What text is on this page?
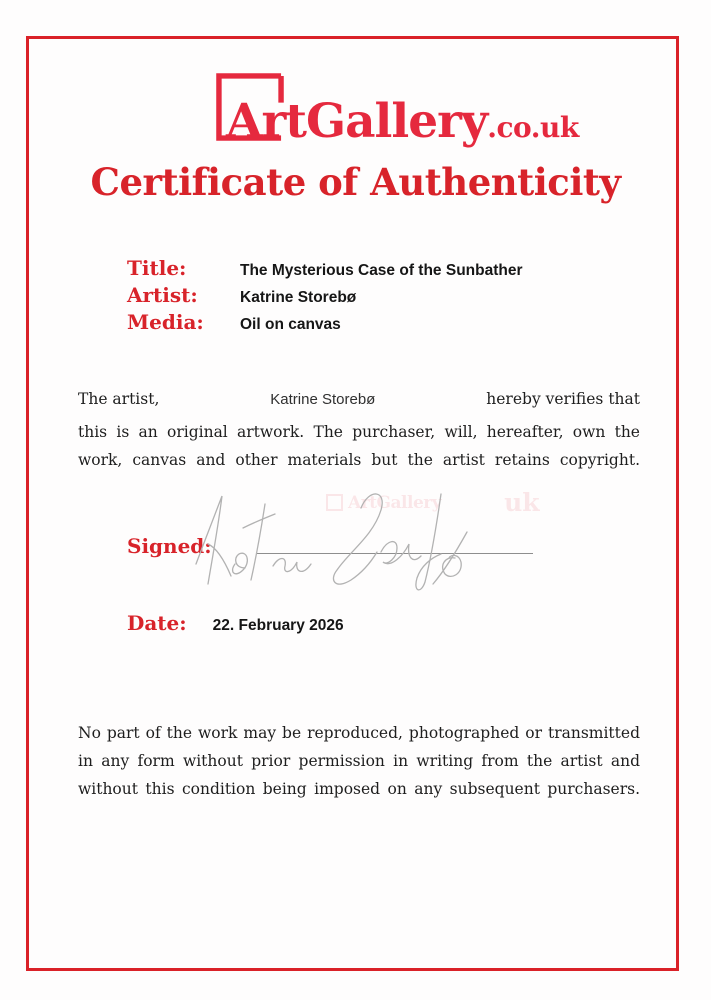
Art Gallery .co.uk
Certificate of Authenticity
Title:	The Mysterious Case of the Sunbather
Artist:	Katrine Storebø
Media:	Oil on canvas
The artist,	Katrine Storebø	hereby verifies that
this is an original artwork. The purchaser, will, hereafter, own the work, canvas and other materials but the artist retains copyright.
ArtGallery	uk
Signed:
Date: 22. February 2026
No part of the work may be reproduced, photographed or transmitted in any form without prior permission in writing from the artist and without this condition being imposed on any subsequent purchasers.
